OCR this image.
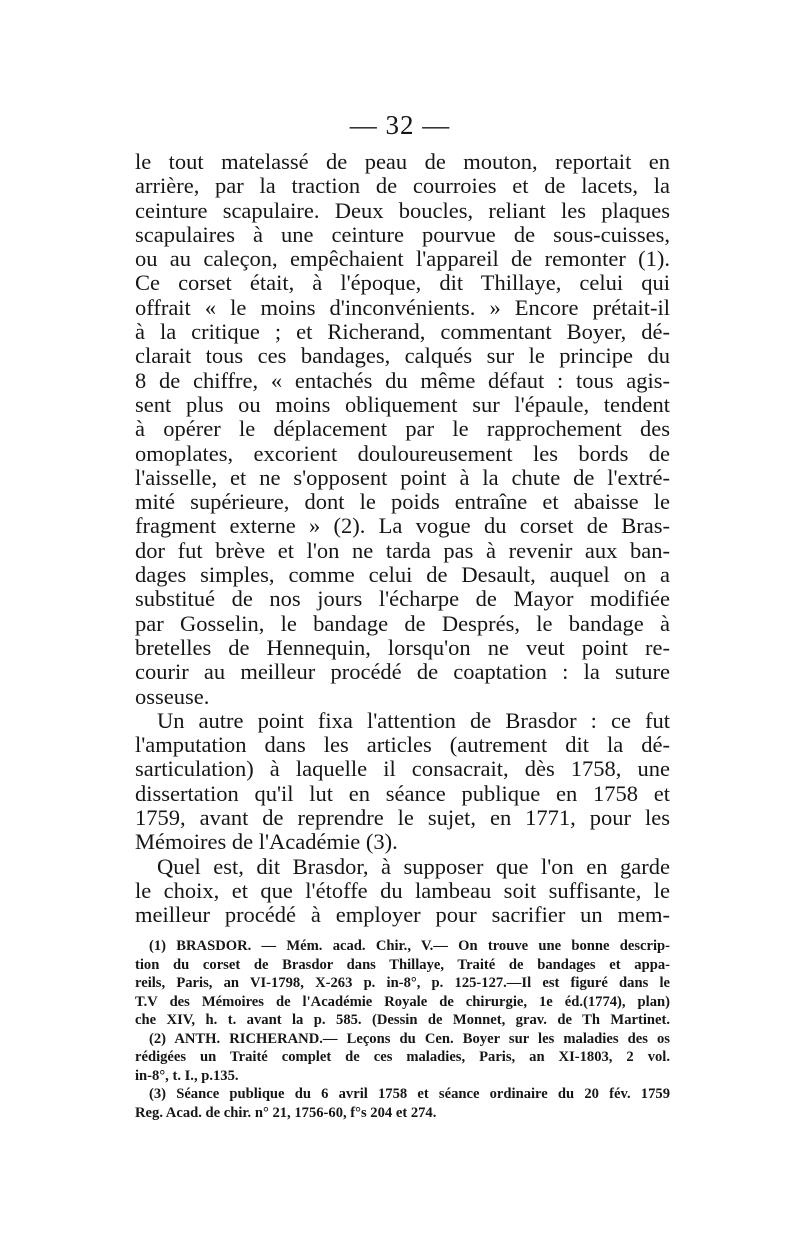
— 32 —
le tout matelassé de peau de mouton, reportait en
arrière, par la traction de courroies et de lacets, la
ceinture scapulaire. Deux boucles, reliant les plaques
scapulaires à une ceinture pourvue de sous-cuisses,
ou au caleçon, empêchaient l'appareil de remonter (1).
Ce corset était, à l'époque, dit Thillaye, celui qui
offrait « le moins d'inconvénients. » Encore prétait-il
à la critique ; et Richerand, commentant Boyer, dé-
clarait tous ces bandages, calqués sur le principe du
8 de chiffre, « entachés du même défaut : tous agis-
sent plus ou moins obliquement sur l'épaule, tendent
à opérer le déplacement par le rapprochement des
omoplates, excorient douloureusement les bords de
l'aisselle, et ne s'opposent point à la chute de l'extré-
mité supérieure, dont le poids entraîne et abaisse le
fragment externe » (2). La vogue du corset de Bras-
dor fut brève et l'on ne tarda pas à revenir aux ban-
dages simples, comme celui de Desault, auquel on a
substitué de nos jours l'écharpe de Mayor modifiée
par Gosselin, le bandage de Després, le bandage à
bretelles de Hennequin, lorsqu'on ne veut point re-
courir au meilleur procédé de coaptation : la suture
osseuse.
Un autre point fixa l'attention de Brasdor : ce fut
l'amputation dans les articles (autrement dit la dé-
sarticulation) à laquelle il consacrait, dès 1758, une
dissertation qu'il lut en séance publique en 1758 et
1759, avant de reprendre le sujet, en 1771, pour les
Mémoires de l'Académie (3).
Quel est, dit Brasdor, à supposer que l'on en garde
le choix, et que l'étoffe du lambeau soit suffisante, le
meilleur procédé à employer pour sacrifier un mem-
(1) BRASDOR. — Mém. acad. Chir., V.— On trouve une bonne descrip-
tion du corset de Brasdor dans Thillaye, Traité de bandages et appa-
reils, Paris, an VI-1798, X-263 p. in-8°, p. 125-127.—Il est figuré dans le
T.V des Mémoires de l'Académie Royale de chirurgie, 1e éd.(1774), plan)
che XIV, h. t. avant la p. 585. (Dessin de Monnet, grav. de Th Martinet.
(2) ANTH. RICHERAND.— Leçons du Cen. Boyer sur les maladies des os
rédigées un Traité complet de ces maladies, Paris, an XI-1803, 2 vol.
in-8°, t. I., p.135.
(3) Séance publique du 6 avril 1758 et séance ordinaire du 20 fév. 1759
Reg. Acad. de chir. n° 21, 1756-60, f°s 204 et 274.
